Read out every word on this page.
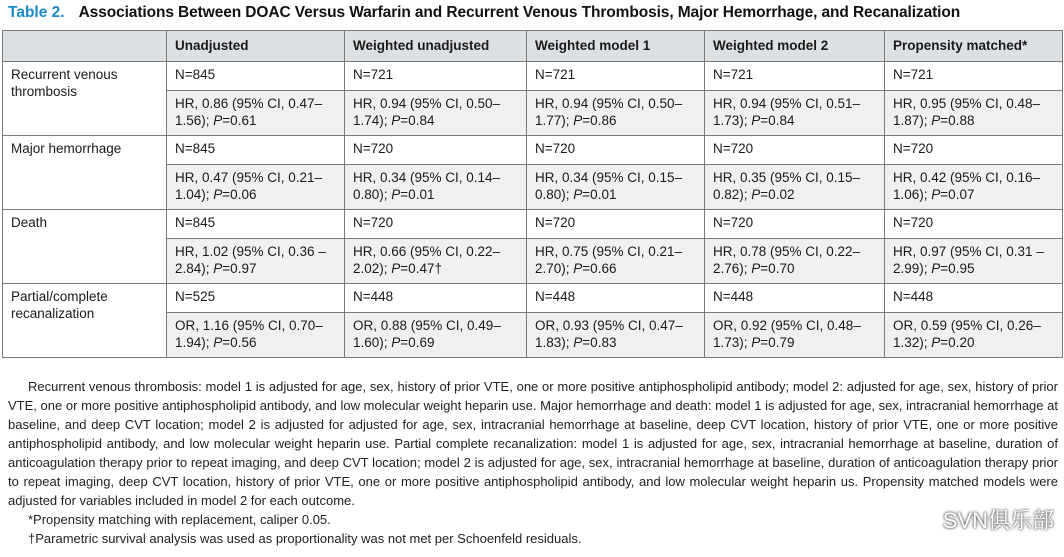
Table 2. Associations Between DOAC Versus Warfarin and Recurrent Venous Thrombosis, Major Hemorrhage, and Recanalization
	Unadjusted	Weighted unadjusted	Weighted model 1	Weighted model 2	Propensity matched*
Recurrent venous thrombosis	N=845	N=721	N=721	N=721	N=721
	HR, 0.86 (95% CI, 0.47–1.56); P=0.61	HR, 0.94 (95% CI, 0.50–1.74); P=0.84	HR, 0.94 (95% CI, 0.50–1.77); P=0.86	HR, 0.94 (95% CI, 0.51–1.73); P=0.84	HR, 0.95 (95% CI, 0.48–1.87); P=0.88
Major hemorrhage	N=845	N=720	N=720	N=720	N=720
	HR, 0.47 (95% CI, 0.21–1.04); P=0.06	HR, 0.34 (95% CI, 0.14–0.80); P=0.01	HR, 0.34 (95% CI, 0.15–0.80); P=0.01	HR, 0.35 (95% CI, 0.15–0.82); P=0.02	HR, 0.42 (95% CI, 0.16–1.06); P=0.07
Death	N=845	N=720	N=720	N=720	N=720
	HR, 1.02 (95% CI, 0.36 –2.84); P=0.97	HR, 0.66 (95% CI, 0.22–2.02); P=0.47†	HR, 0.75 (95% CI, 0.21–2.70); P=0.66	HR, 0.78 (95% CI, 0.22–2.76); P=0.70	HR, 0.97 (95% CI, 0.31 –2.99); P=0.95
Partial/complete recanalization	N=525	N=448	N=448	N=448	N=448
	OR, 1.16 (95% CI, 0.70–1.94); P=0.56	OR, 0.88 (95% CI, 0.49–1.60); P=0.69	OR, 0.93 (95% CI, 0.47–1.83); P=0.83	OR, 0.92 (95% CI, 0.48–1.73); P=0.79	OR, 0.59 (95% CI, 0.26–1.32); P=0.20

Recurrent venous thrombosis: model 1 is adjusted for age, sex, history of prior VTE, one or more positive antiphospholipid antibody; model 2: adjusted for age, sex, history of prior VTE, one or more positive antiphospholipid antibody, and low molecular weight heparin use. Major hemorrhage and death: model 1 is adjusted for age, sex, intracranial hemorrhage at baseline, and deep CVT location; model 2 is adjusted for adjusted for age, sex, intracranial hemorrhage at baseline, deep CVT location, history of prior VTE, one or more positive antiphospholipid antibody, and low molecular weight heparin use. Partial complete recanalization: model 1 is adjusted for age, sex, intracranial hemorrhage at baseline, duration of anticoagulation therapy prior to repeat imaging, and deep CVT location; model 2 is adjusted for age, sex, intracranial hemorrhage at baseline, duration of anticoagulation therapy prior to repeat imaging, deep CVT location, history of prior VTE, one or more positive antiphospholipid antibody, and low molecular weight heparin us. Propensity matched models were adjusted for variables included in model 2 for each outcome.

*Propensity matching with replacement, caliper 0.05.

†Parametric survival analysis was used as proportionality was not met per Schoenfeld residuals.

SVN俱乐部
